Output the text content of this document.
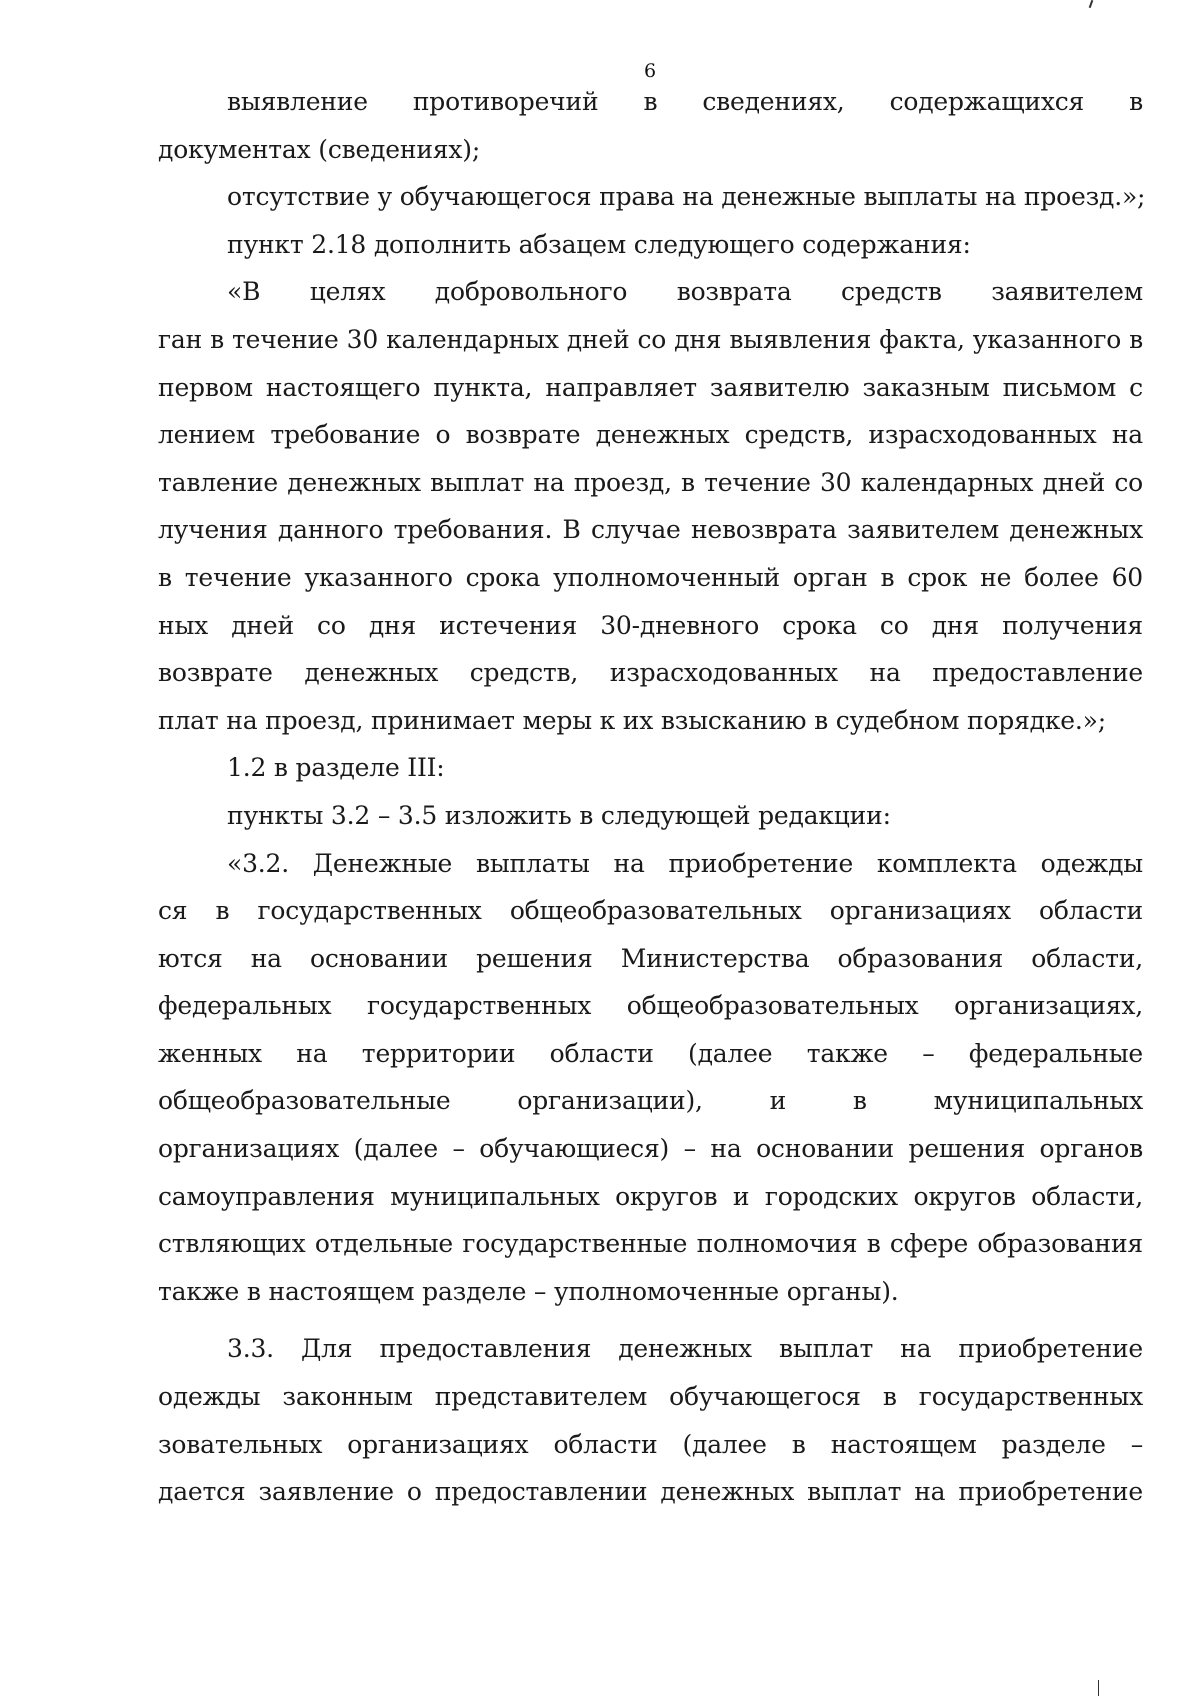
6
выявление противоречий в сведениях, содержащихся в
документах (сведениях);
отсутствие у обучающегося права на денежные выплаты на проезд.»;
пункт 2.18 дополнить абзацем следующего содержания:
«В целях добровольного возврата средств заявителем
ган в течение 30 календарных дней со дня выявления факта, указанного в
первом настоящего пункта, направляет заявителю заказным письмом с
лением требование о возврате денежных средств, израсходованных на
тавление денежных выплат на проезд, в течение 30 календарных дней со
лучения данного требования. В случае невозврата заявителем денежных
в течение указанного срока уполномоченный орган в срок не более 60
ных дней со дня истечения 30-дневного срока со дня получения
возврате денежных средств, израсходованных на предоставление
плат на проезд, принимает меры к их взысканию в судебном порядке.»;
1.2 в разделе III:
пункты 3.2 – 3.5 изложить в следующей редакции:
«3.2. Денежные выплаты на приобретение комплекта одежды
ся в государственных общеобразовательных организациях области
ются на основании решения Министерства образования области,
федеральных государственных общеобразовательных организациях,
женных на территории области (далее также – федеральные
общеобразовательные организации), и в муниципальных
организациях (далее – обучающиеся) – на основании решения органов
самоуправления муниципальных округов и городских округов области,
ствляющих отдельные государственные полномочия в сфере образования
также в настоящем разделе – уполномоченные органы).
3.3. Для предоставления денежных выплат на приобретение
одежды законным представителем обучающегося в государственных
зовательных организациях области (далее в настоящем разделе –
дается заявление о предоставлении денежных выплат на приобретение
